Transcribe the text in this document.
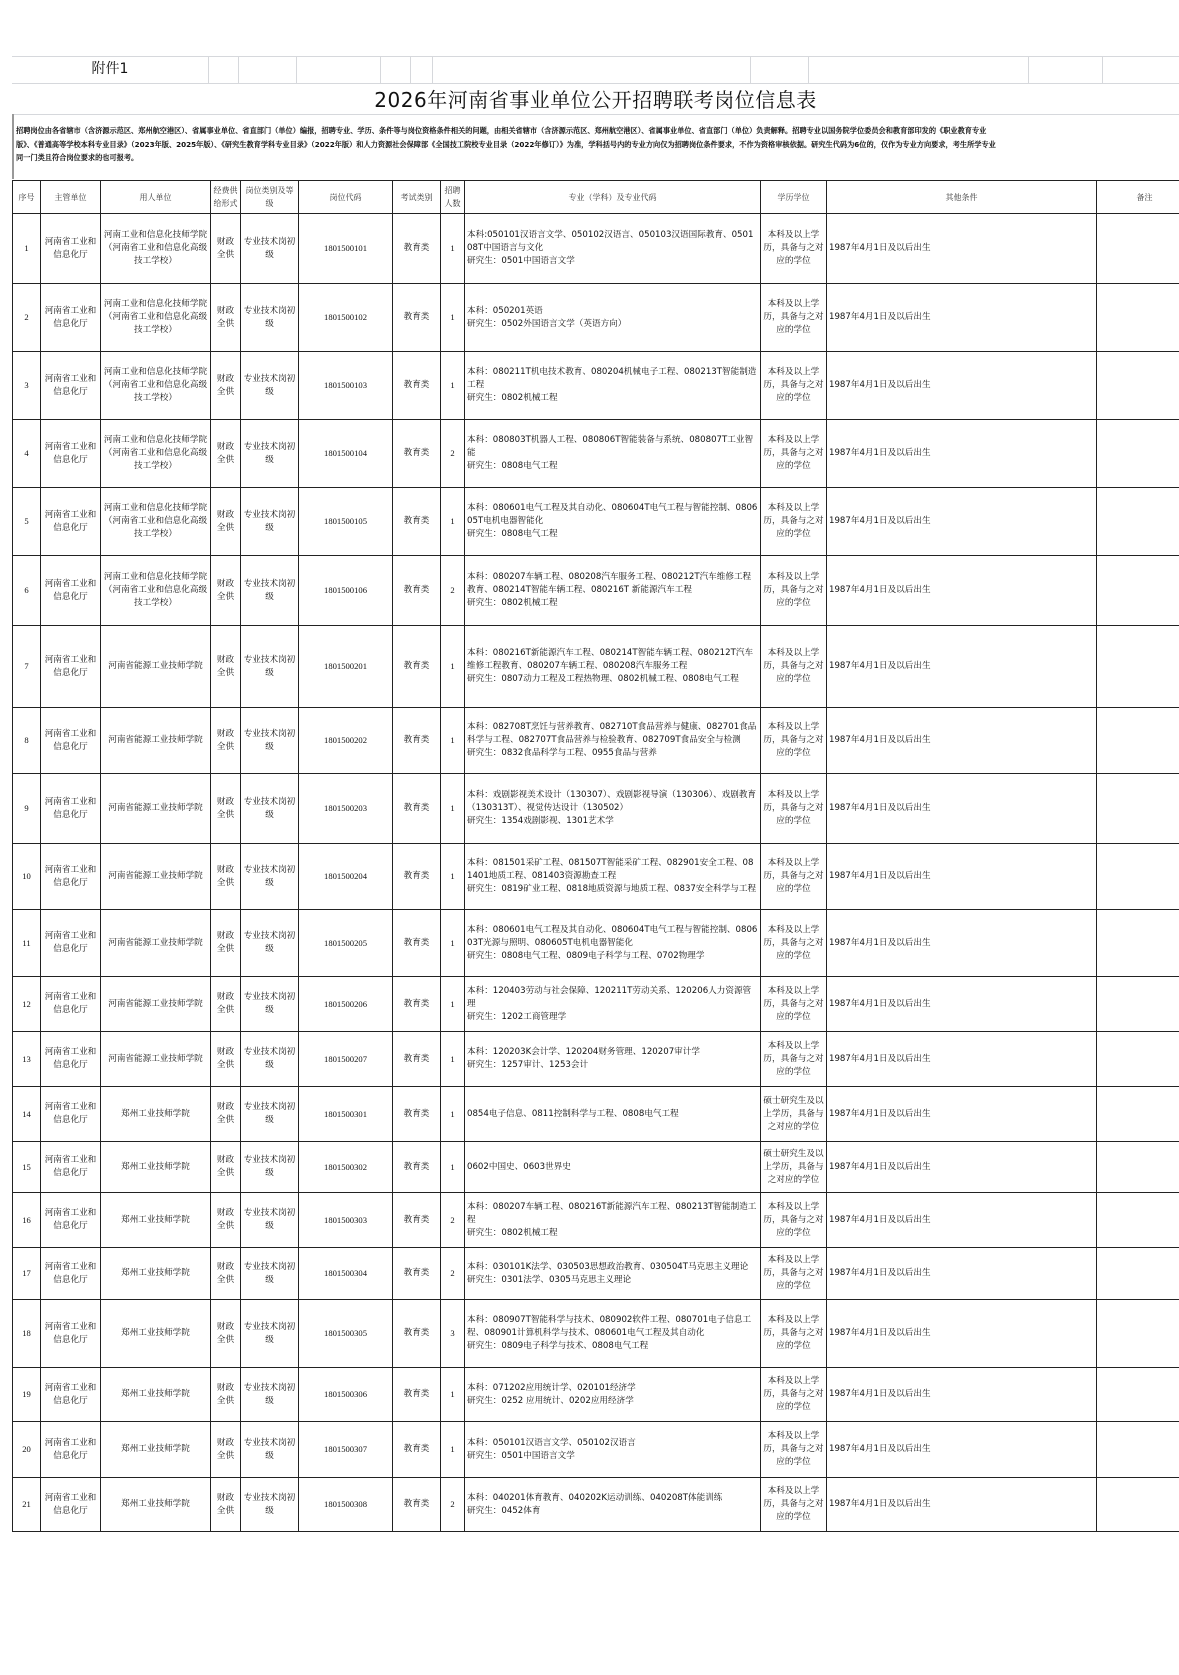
附件1
2026年河南省事业单位公开招聘联考岗位信息表
招聘岗位由各省辖市（含济源示范区、郑州航空港区）、省属事业单位、省直部门（单位）编报，招聘专业、学历、条件等与岗位资格条件相关的问题，由相关省辖市（含济源示范区、郑州航空港区）、省属事业单位、省直部门（单位）负责解释。招聘专业以国务院学位委员会和教育部印发的《职业教育专业
版》、《普通高等学校本科专业目录》（2023年版、2025年版）、《研究生教育学科专业目录》（2022年版）和人力资源社会保障部《全国技工院校专业目录（2022年修订）》为准，学科括号内的专业方向仅为招聘岗位条件要求，不作为资格审核依据。研究生代码为6位的，仅作为专业方向要求，考生所学专业
同一门类且符合岗位要求的也可报考。
序号	主管单位	用人单位	经费供给形式	岗位类别及等级	岗位代码	考试类别	招聘人数	专业（学科）及专业代码	学历学位	其他条件	备注
1	河南省工业和信息化厅	河南工业和信息化技师学院（河南省工业和信息化高级技工学校）	财政全供	专业技术岗初级	1801500101	教育类	1	本科:050101汉语言文学、050102汉语言、050103汉语国际教育、050108T中国语言与文化
研究生：0501中国语言文学	本科及以上学历，具备与之对应的学位	1987年4月1日及以后出生	
2	河南省工业和信息化厅	河南工业和信息化技师学院（河南省工业和信息化高级技工学校）	财政全供	专业技术岗初级	1801500102	教育类	1	本科：050201英语
研究生：0502外国语言文学（英语方向）	本科及以上学历，具备与之对应的学位	1987年4月1日及以后出生	
3	河南省工业和信息化厅	河南工业和信息化技师学院（河南省工业和信息化高级技工学校）	财政全供	专业技术岗初级	1801500103	教育类	1	本科：080211T机电技术教育、080204机械电子工程、080213T智能制造工程
研究生：0802机械工程	本科及以上学历，具备与之对应的学位	1987年4月1日及以后出生	
4	河南省工业和信息化厅	河南工业和信息化技师学院（河南省工业和信息化高级技工学校）	财政全供	专业技术岗初级	1801500104	教育类	2	本科：080803T机器人工程、080806T智能装备与系统、080807T工业智能
研究生：0808电气工程	本科及以上学历，具备与之对应的学位	1987年4月1日及以后出生	
5	河南省工业和信息化厅	河南工业和信息化技师学院（河南省工业和信息化高级技工学校）	财政全供	专业技术岗初级	1801500105	教育类	1	本科：080601电气工程及其自动化、080604T电气工程与智能控制、080605T电机电器智能化
研究生：0808电气工程	本科及以上学历，具备与之对应的学位	1987年4月1日及以后出生	
6	河南省工业和信息化厅	河南工业和信息化技师学院（河南省工业和信息化高级技工学校）	财政全供	专业技术岗初级	1801500106	教育类	2	本科：080207车辆工程、080208汽车服务工程、080212T汽车维修工程教育、080214T智能车辆工程、080216T 新能源汽车工程
研究生：0802机械工程	本科及以上学历，具备与之对应的学位	1987年4月1日及以后出生	
7	河南省工业和信息化厅	河南省能源工业技师学院	财政全供	专业技术岗初级	1801500201	教育类	1	本科：080216T新能源汽车工程、080214T智能车辆工程、080212T汽车维修工程教育、080207车辆工程、080208汽车服务工程
研究生：0807动力工程及工程热物理、0802机械工程、0808电气工程	本科及以上学历，具备与之对应的学位	1987年4月1日及以后出生	
8	河南省工业和信息化厅	河南省能源工业技师学院	财政全供	专业技术岗初级	1801500202	教育类	1	本科：082708T烹饪与营养教育、082710T食品营养与健康、082701食品科学与工程、082707T食品营养与检验教育、082709T食品安全与检测
研究生：0832食品科学与工程、0955食品与营养	本科及以上学历，具备与之对应的学位	1987年4月1日及以后出生	
9	河南省工业和信息化厅	河南省能源工业技师学院	财政全供	专业技术岗初级	1801500203	教育类	1	本科：戏剧影视美术设计（130307）、戏剧影视导演（130306）、戏剧教育（130313T）、视觉传达设计（130502）
研究生：1354戏剧影视、1301艺术学	本科及以上学历，具备与之对应的学位	1987年4月1日及以后出生	
10	河南省工业和信息化厅	河南省能源工业技师学院	财政全供	专业技术岗初级	1801500204	教育类	1	本科：081501采矿工程、081507T智能采矿工程、082901安全工程、081401地质工程、081403资源勘查工程
研究生：0819矿业工程、0818地质资源与地质工程、0837安全科学与工程	本科及以上学历，具备与之对应的学位	1987年4月1日及以后出生	
11	河南省工业和信息化厅	河南省能源工业技师学院	财政全供	专业技术岗初级	1801500205	教育类	1	本科：080601电气工程及其自动化、080604T电气工程与智能控制、080603T光源与照明、080605T电机电器智能化
研究生：0808电气工程、0809电子科学与工程、0702物理学	本科及以上学历，具备与之对应的学位	1987年4月1日及以后出生	
12	河南省工业和信息化厅	河南省能源工业技师学院	财政全供	专业技术岗初级	1801500206	教育类	1	本科：120403劳动与社会保障、120211T劳动关系、120206人力资源管理
研究生：1202工商管理学	本科及以上学历，具备与之对应的学位	1987年4月1日及以后出生	
13	河南省工业和信息化厅	河南省能源工业技师学院	财政全供	专业技术岗初级	1801500207	教育类	1	本科：120203K会计学、120204财务管理、120207审计学
研究生：1257审计、1253会计	本科及以上学历，具备与之对应的学位	1987年4月1日及以后出生	
14	河南省工业和信息化厅	郑州工业技师学院	财政全供	专业技术岗初级	1801500301	教育类	1	0854电子信息、0811控制科学与工程、0808电气工程	硕士研究生及以上学历，具备与之对应的学位	1987年4月1日及以后出生	
15	河南省工业和信息化厅	郑州工业技师学院	财政全供	专业技术岗初级	1801500302	教育类	1	0602中国史、0603世界史	硕士研究生及以上学历，具备与之对应的学位	1987年4月1日及以后出生	
16	河南省工业和信息化厅	郑州工业技师学院	财政全供	专业技术岗初级	1801500303	教育类	2	本科：080207车辆工程、080216T新能源汽车工程、080213T智能制造工程
研究生：0802机械工程	本科及以上学历，具备与之对应的学位	1987年4月1日及以后出生	
17	河南省工业和信息化厅	郑州工业技师学院	财政全供	专业技术岗初级	1801500304	教育类	2	本科：030101K法学、030503思想政治教育、030504T马克思主义理论
研究生：0301法学、0305马克思主义理论	本科及以上学历，具备与之对应的学位	1987年4月1日及以后出生	
18	河南省工业和信息化厅	郑州工业技师学院	财政全供	专业技术岗初级	1801500305	教育类	3	本科：080907T智能科学与技术、080902软件工程、080701电子信息工程、080901计算机科学与技术、080601电气工程及其自动化
研究生：0809电子科学与技术、0808电气工程	本科及以上学历，具备与之对应的学位	1987年4月1日及以后出生	
19	河南省工业和信息化厅	郑州工业技师学院	财政全供	专业技术岗初级	1801500306	教育类	1	本科：071202应用统计学、020101经济学
研究生：0252 应用统计、0202应用经济学	本科及以上学历，具备与之对应的学位	1987年4月1日及以后出生	
20	河南省工业和信息化厅	郑州工业技师学院	财政全供	专业技术岗初级	1801500307	教育类	1	本科：050101汉语言文学、050102汉语言
研究生：0501中国语言文学	本科及以上学历，具备与之对应的学位	1987年4月1日及以后出生	
21	河南省工业和信息化厅	郑州工业技师学院	财政全供	专业技术岗初级	1801500308	教育类	2	本科：040201体育教育、040202K运动训练、040208T体能训练
研究生：0452体育	本科及以上学历，具备与之对应的学位	1987年4月1日及以后出生	
